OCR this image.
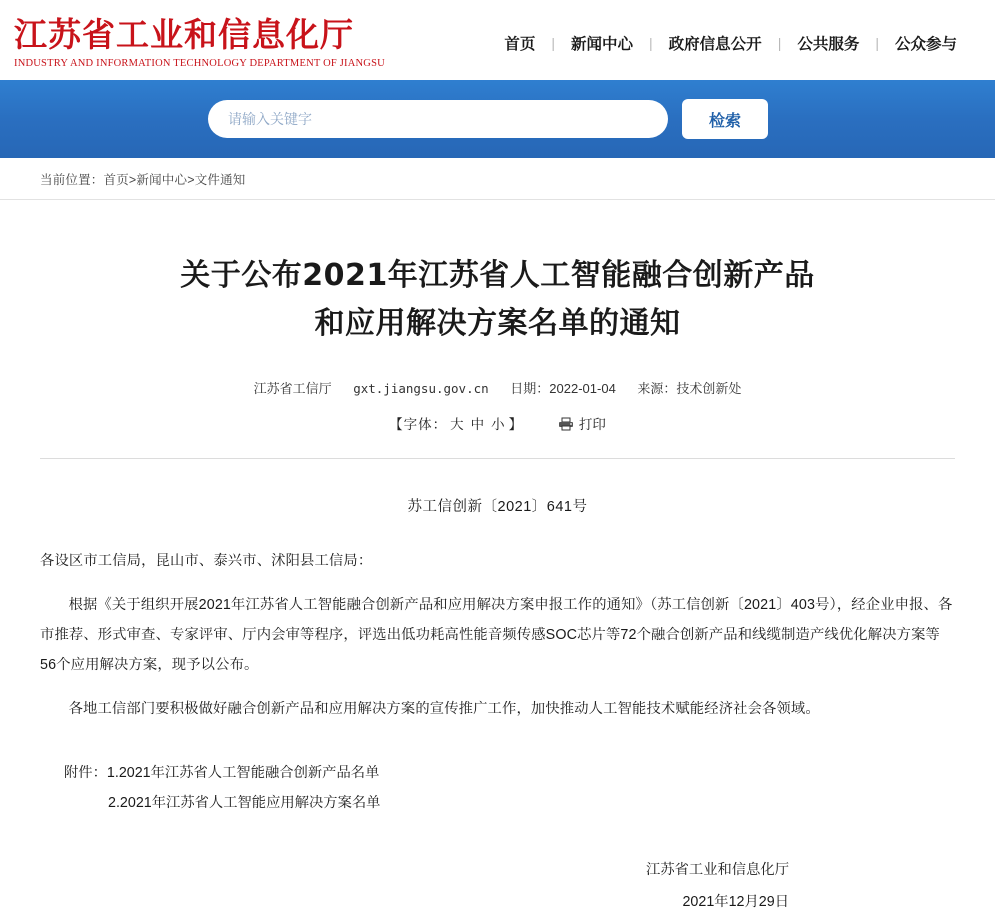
江苏省工业和信息化厅
INDUSTRY AND INFORMATION TECHNOLOGY DEPARTMENT OF JIANGSU
首页	|	新闻中心	|	政府信息公开	|	公共服务	|	公众参与
请输入关键字
检索
当前位置：首页>新闻中心>文件通知
关于公布2021年江苏省人工智能融合创新产品和应用解决方案名单的通知
江苏省工信厅 gxt.jiangsu.gov.cn 日期：2022-01-04 来源：技术创新处
【字体： 大 中 小 】	打印
苏工信创新〔2021〕641号

各设区市工信局，昆山市、泰兴市、沭阳县工信局：

根据《关于组织开展2021年江苏省人工智能融合创新产品和应用解决方案申报工作的通知》（苏工信创新〔2021〕403号），经企业申报、各市推荐、形式审查、专家评审、厅内会审等程序，评选出低功耗高性能音频传感SOC芯片等72个融合创新产品和线缆制造产线优化解决方案等56个应用解决方案，现予以公布。

各地工信部门要积极做好融合创新产品和应用解决方案的宣传推广工作，加快推动人工智能技术赋能经济社会各领域。

附件：1.2021年江苏省人工智能融合创新产品名单
2.2021年江苏省人工智能应用解决方案名单
江苏省工业和信息化厅
2021年12月29日
